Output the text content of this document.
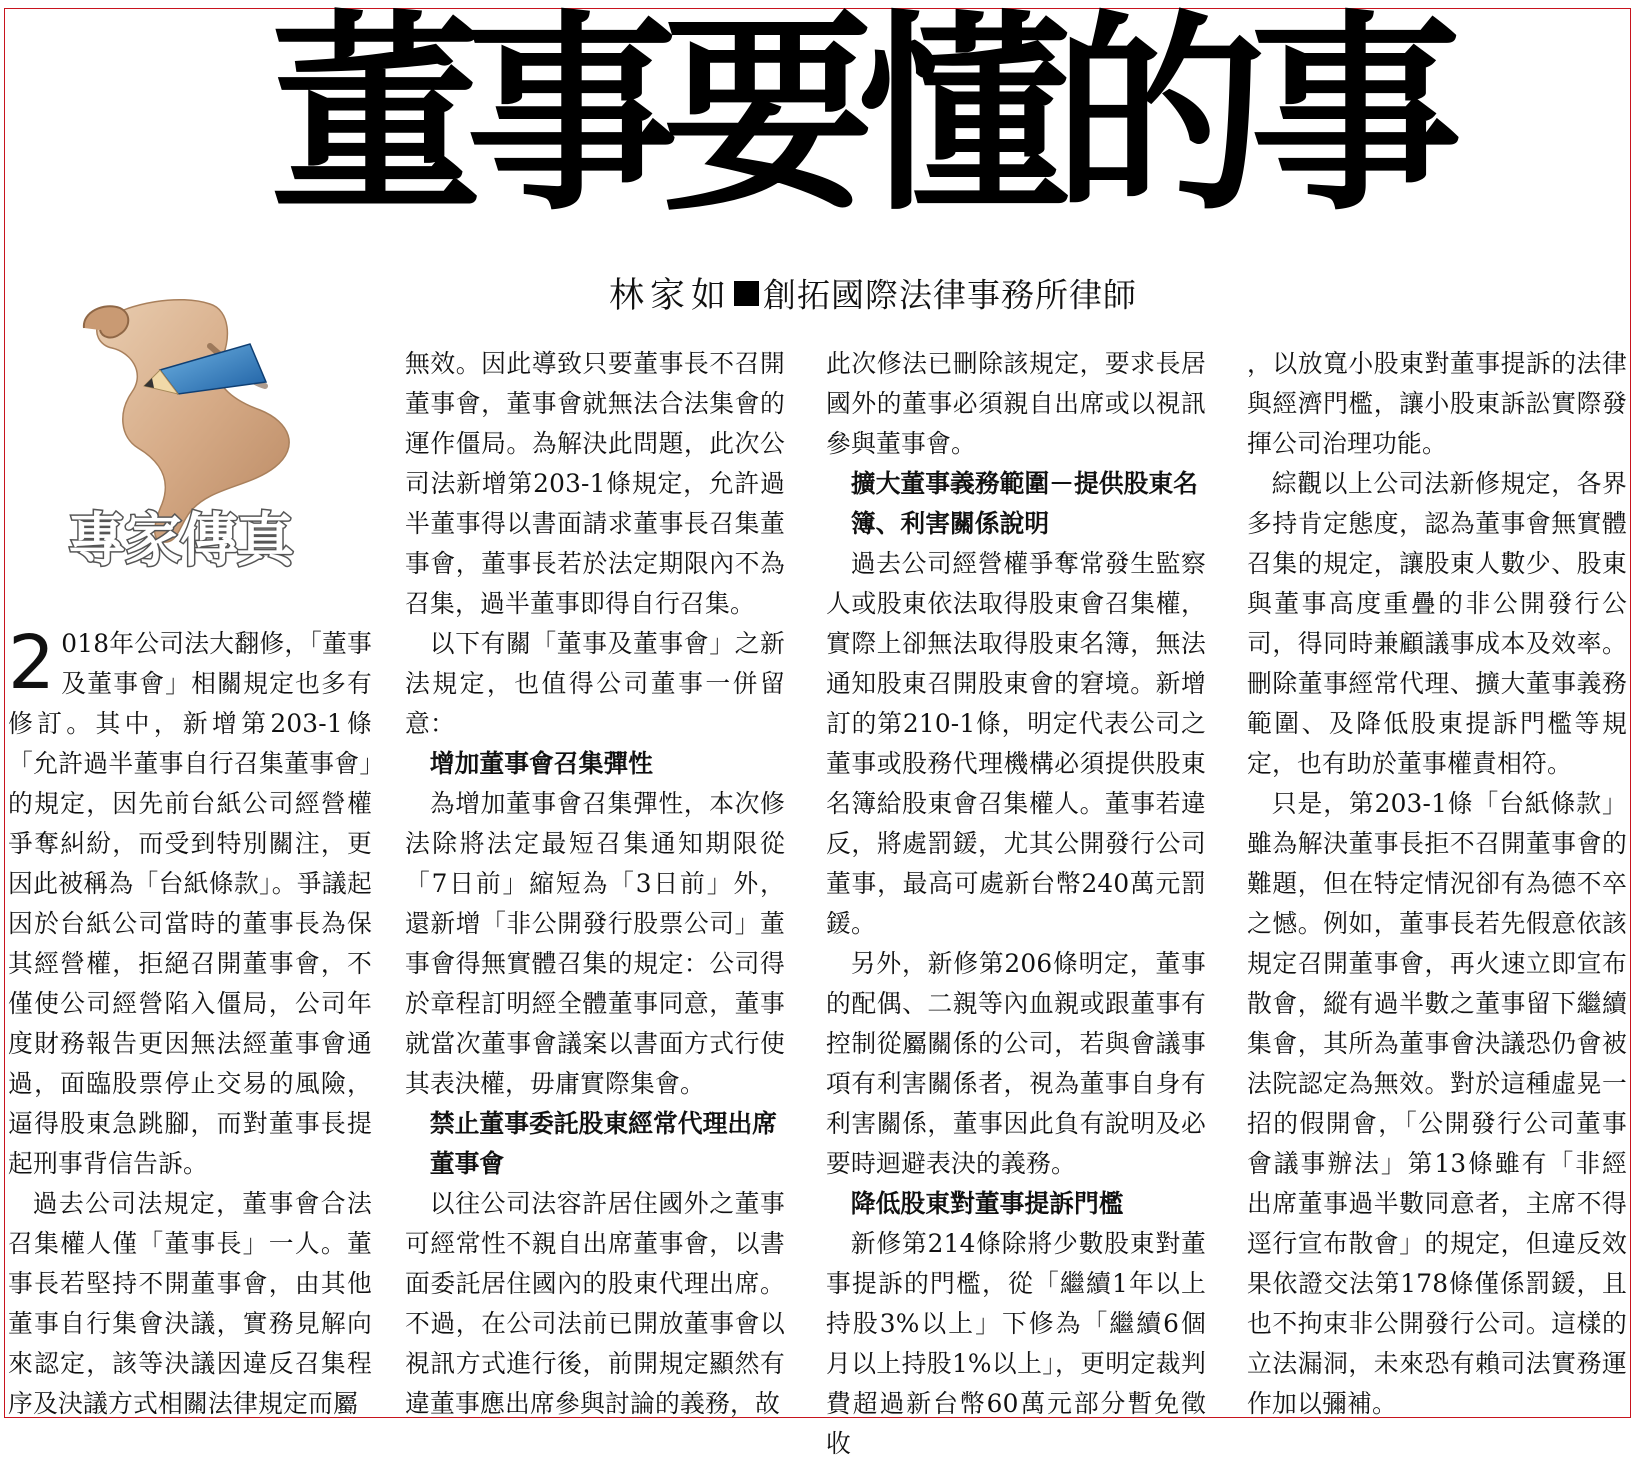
董事要懂的事
林家如 創拓國際法律事務所律師
專家傳真

2 018年公司法大翻修，「董事及董事會」相關規定也多有修訂。其中，新增第203-1條「允許過半董事自行召集董事會」的規定，因先前台紙公司經營權爭奪糾紛，而受到特別關注，更因此被稱為「台紙條款」。爭議起因於台紙公司當時的董事長為保其經營權，拒絕召開董事會，不僅使公司經營陷入僵局，公司年度財務報告更因無法經董事會通過，面臨股票停止交易的風險，逼得股東急跳腳，而對董事長提起刑事背信告訴。

過去公司法規定，董事會合法召集權人僅「董事長」一人。董事長若堅持不開董事會，由其他董事自行集會決議，實務見解向來認定，該等決議因違反召集程序及決議方式相關法律規定而屬

無效。因此導致只要董事長不召開董事會，董事會就無法合法集會的運作僵局。為解決此問題，此次公司法新增第203-1條規定，允許過半董事得以書面請求董事長召集董事會，董事長若於法定期限內不為召集，過半董事即得自行召集。

以下有關「董事及董事會」之新法規定，也值得公司董事一併留意：

增加董事會召集彈性

為增加董事會召集彈性，本次修法除將法定最短召集通知期限從「7日前」縮短為「3日前」外，還新增「非公開發行股票公司」董事會得無實體召集的規定：公司得於章程訂明經全體董事同意，董事就當次董事會議案以書面方式行使其表決權，毋庸實際集會。

禁止董事委託股東經常代理出席董事會

以往公司法容許居住國外之董事可經常性不親自出席董事會，以書面委託居住國內的股東代理出席。不過，在公司法前已開放董事會以視訊方式進行後，前開規定顯然有違董事應出席參與討論的義務，故

此次修法已刪除該規定，要求長居國外的董事必須親自出席或以視訊參與董事會。

擴大董事義務範圍－提供股東名簿、利害關係說明

過去公司經營權爭奪常發生監察人或股東依法取得股東會召集權，實際上卻無法取得股東名簿，無法通知股東召開股東會的窘境。新增訂的第210-1條，明定代表公司之董事或股務代理機構必須提供股東名簿給股東會召集權人。董事若違反，將處罰鍰，尤其公開發行公司董事，最高可處新台幣240萬元罰鍰。

另外，新修第206條明定，董事的配偶、二親等內血親或跟董事有控制從屬關係的公司，若與會議事項有利害關係者，視為董事自身有利害關係，董事因此負有說明及必要時迴避表決的義務。

降低股東對董事提訴門檻

新修第214條除將少數股東對董事提訴的門檻，從「繼續1年以上持股3%以上」下修為「繼續6個月以上持股1%以上」，更明定裁判費超過新台幣60萬元部分暫免徵收

，以放寬小股東對董事提訴的法律與經濟門檻，讓小股東訴訟實際發揮公司治理功能。

綜觀以上公司法新修規定，各界多持肯定態度，認為董事會無實體召集的規定，讓股東人數少、股東與董事高度重疊的非公開發行公司，得同時兼顧議事成本及效率。刪除董事經常代理、擴大董事義務範圍、及降低股東提訴門檻等規定，也有助於董事權責相符。

只是，第203-1條「台紙條款」雖為解決董事長拒不召開董事會的難題，但在特定情況卻有為德不卒之憾。例如，董事長若先假意依該規定召開董事會，再火速立即宣布散會，縱有過半數之董事留下繼續集會，其所為董事會決議恐仍會被法院認定為無效。對於這種虛晃一招的假開會，「公開發行公司董事會議事辦法」第13條雖有「非經出席董事過半數同意者，主席不得逕行宣布散會」的規定，但違反效果依證交法第178條僅係罰鍰，且也不拘束非公開發行公司。這樣的立法漏洞，未來恐有賴司法實務運作加以彌補。
